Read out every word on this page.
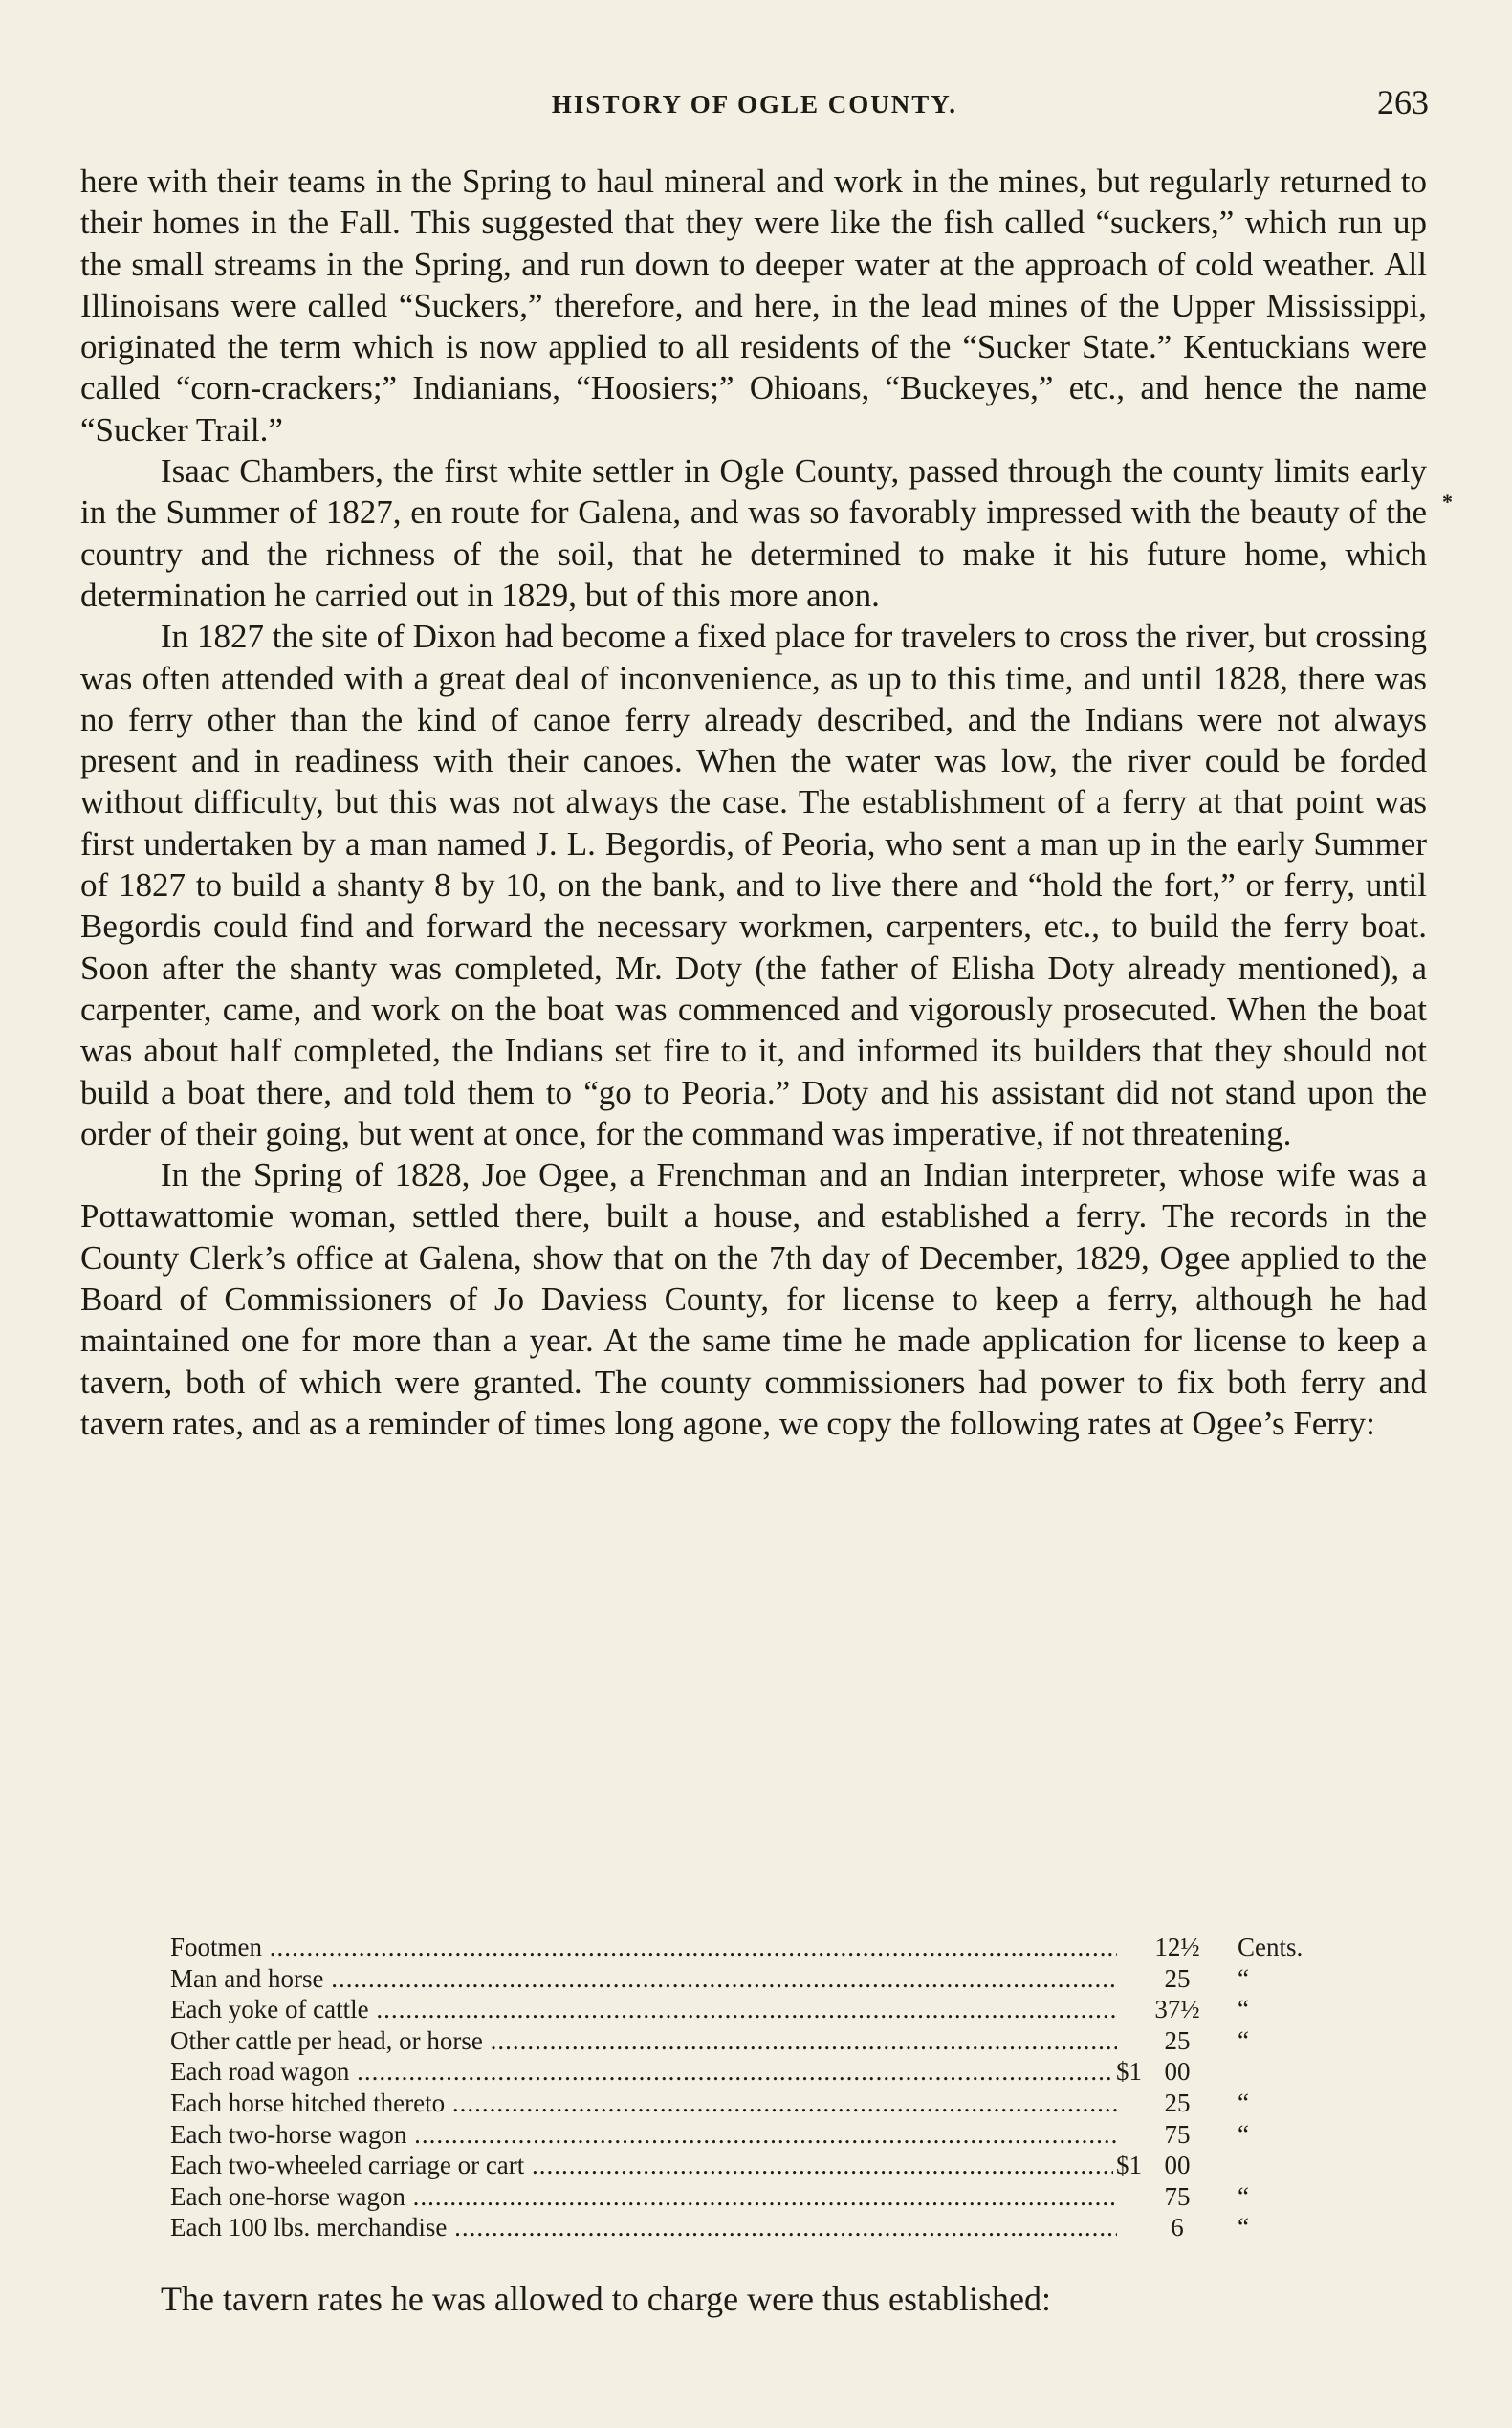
HISTORY OF OGLE COUNTY.	263
*

here with their teams in the Spring to haul mineral and work in the mines, but regularly returned to their homes in the Fall. This suggested that they were like the fish called “suckers,” which run up the small streams in the Spring, and run down to deeper water at the approach of cold weather. All Illinoisans were called “Suckers,” therefore, and here, in the lead mines of the Upper Mississippi, originated the term which is now applied to all residents of the “Sucker State.” Kentuckians were called “corn-crackers;” Indianians, “Hoosiers;” Ohioans, “Buckeyes,” etc., and hence the name “Sucker Trail.”

Isaac Chambers, the first white settler in Ogle County, passed through the county limits early in the Summer of 1827, en route for Galena, and was so favorably impressed with the beauty of the country and the richness of the soil, that he determined to make it his future home, which determination he carried out in 1829, but of this more anon.

In 1827 the site of Dixon had become a fixed place for travelers to cross the river, but crossing was often attended with a great deal of inconvenience, as up to this time, and until 1828, there was no ferry other than the kind of canoe ferry already described, and the Indians were not always present and in readiness with their canoes. When the water was low, the river could be forded without difficulty, but this was not always the case. The establishment of a ferry at that point was first undertaken by a man named J. L. Begordis, of Peoria, who sent a man up in the early Summer of 1827 to build a shanty 8 by 10, on the bank, and to live there and “hold the fort,” or ferry, until Begordis could find and forward the necessary workmen, carpenters, etc., to build the ferry boat. Soon after the shanty was completed, Mr. Doty (the father of Elisha Doty already mentioned), a carpenter, came, and work on the boat was commenced and vigorously prosecuted. When the boat was about half completed, the Indians set fire to it, and informed its builders that they should not build a boat there, and told them to “go to Peoria.” Doty and his assistant did not stand upon the order of their going, but went at once, for the command was imperative, if not threatening.

In the Spring of 1828, Joe Ogee, a Frenchman and an Indian interpreter, whose wife was a Pottawattomie woman, settled there, built a house, and established a ferry. The records in the County Clerk’s office at Galena, show that on the 7th day of December, 1829, Ogee applied to the Board of Commissioners of Jo Daviess County, for license to keep a ferry, although he had maintained one for more than a year. At the same time he made application for license to keep a tavern, both of which were granted. The county commissioners had power to fix both ferry and tavern rates, and as a reminder of times long agone, we copy the following rates at Ogee’s Ferry:

Footmen .....	12½	Cents.
Man and horse .....	25	“
Each yoke of cattle .....	37½	“
Other cattle per head, or horse .....	25	“
Each road wagon .....	$1 00
Each horse hitched thereto .....	25	“
Each two-horse wagon .....	75	“
Each two-wheeled carriage or cart .....	$1 00
Each one-horse wagon .....	75	“
Each 100 lbs. merchandise .....	6	“
The tavern rates he was allowed to charge were thus established:
